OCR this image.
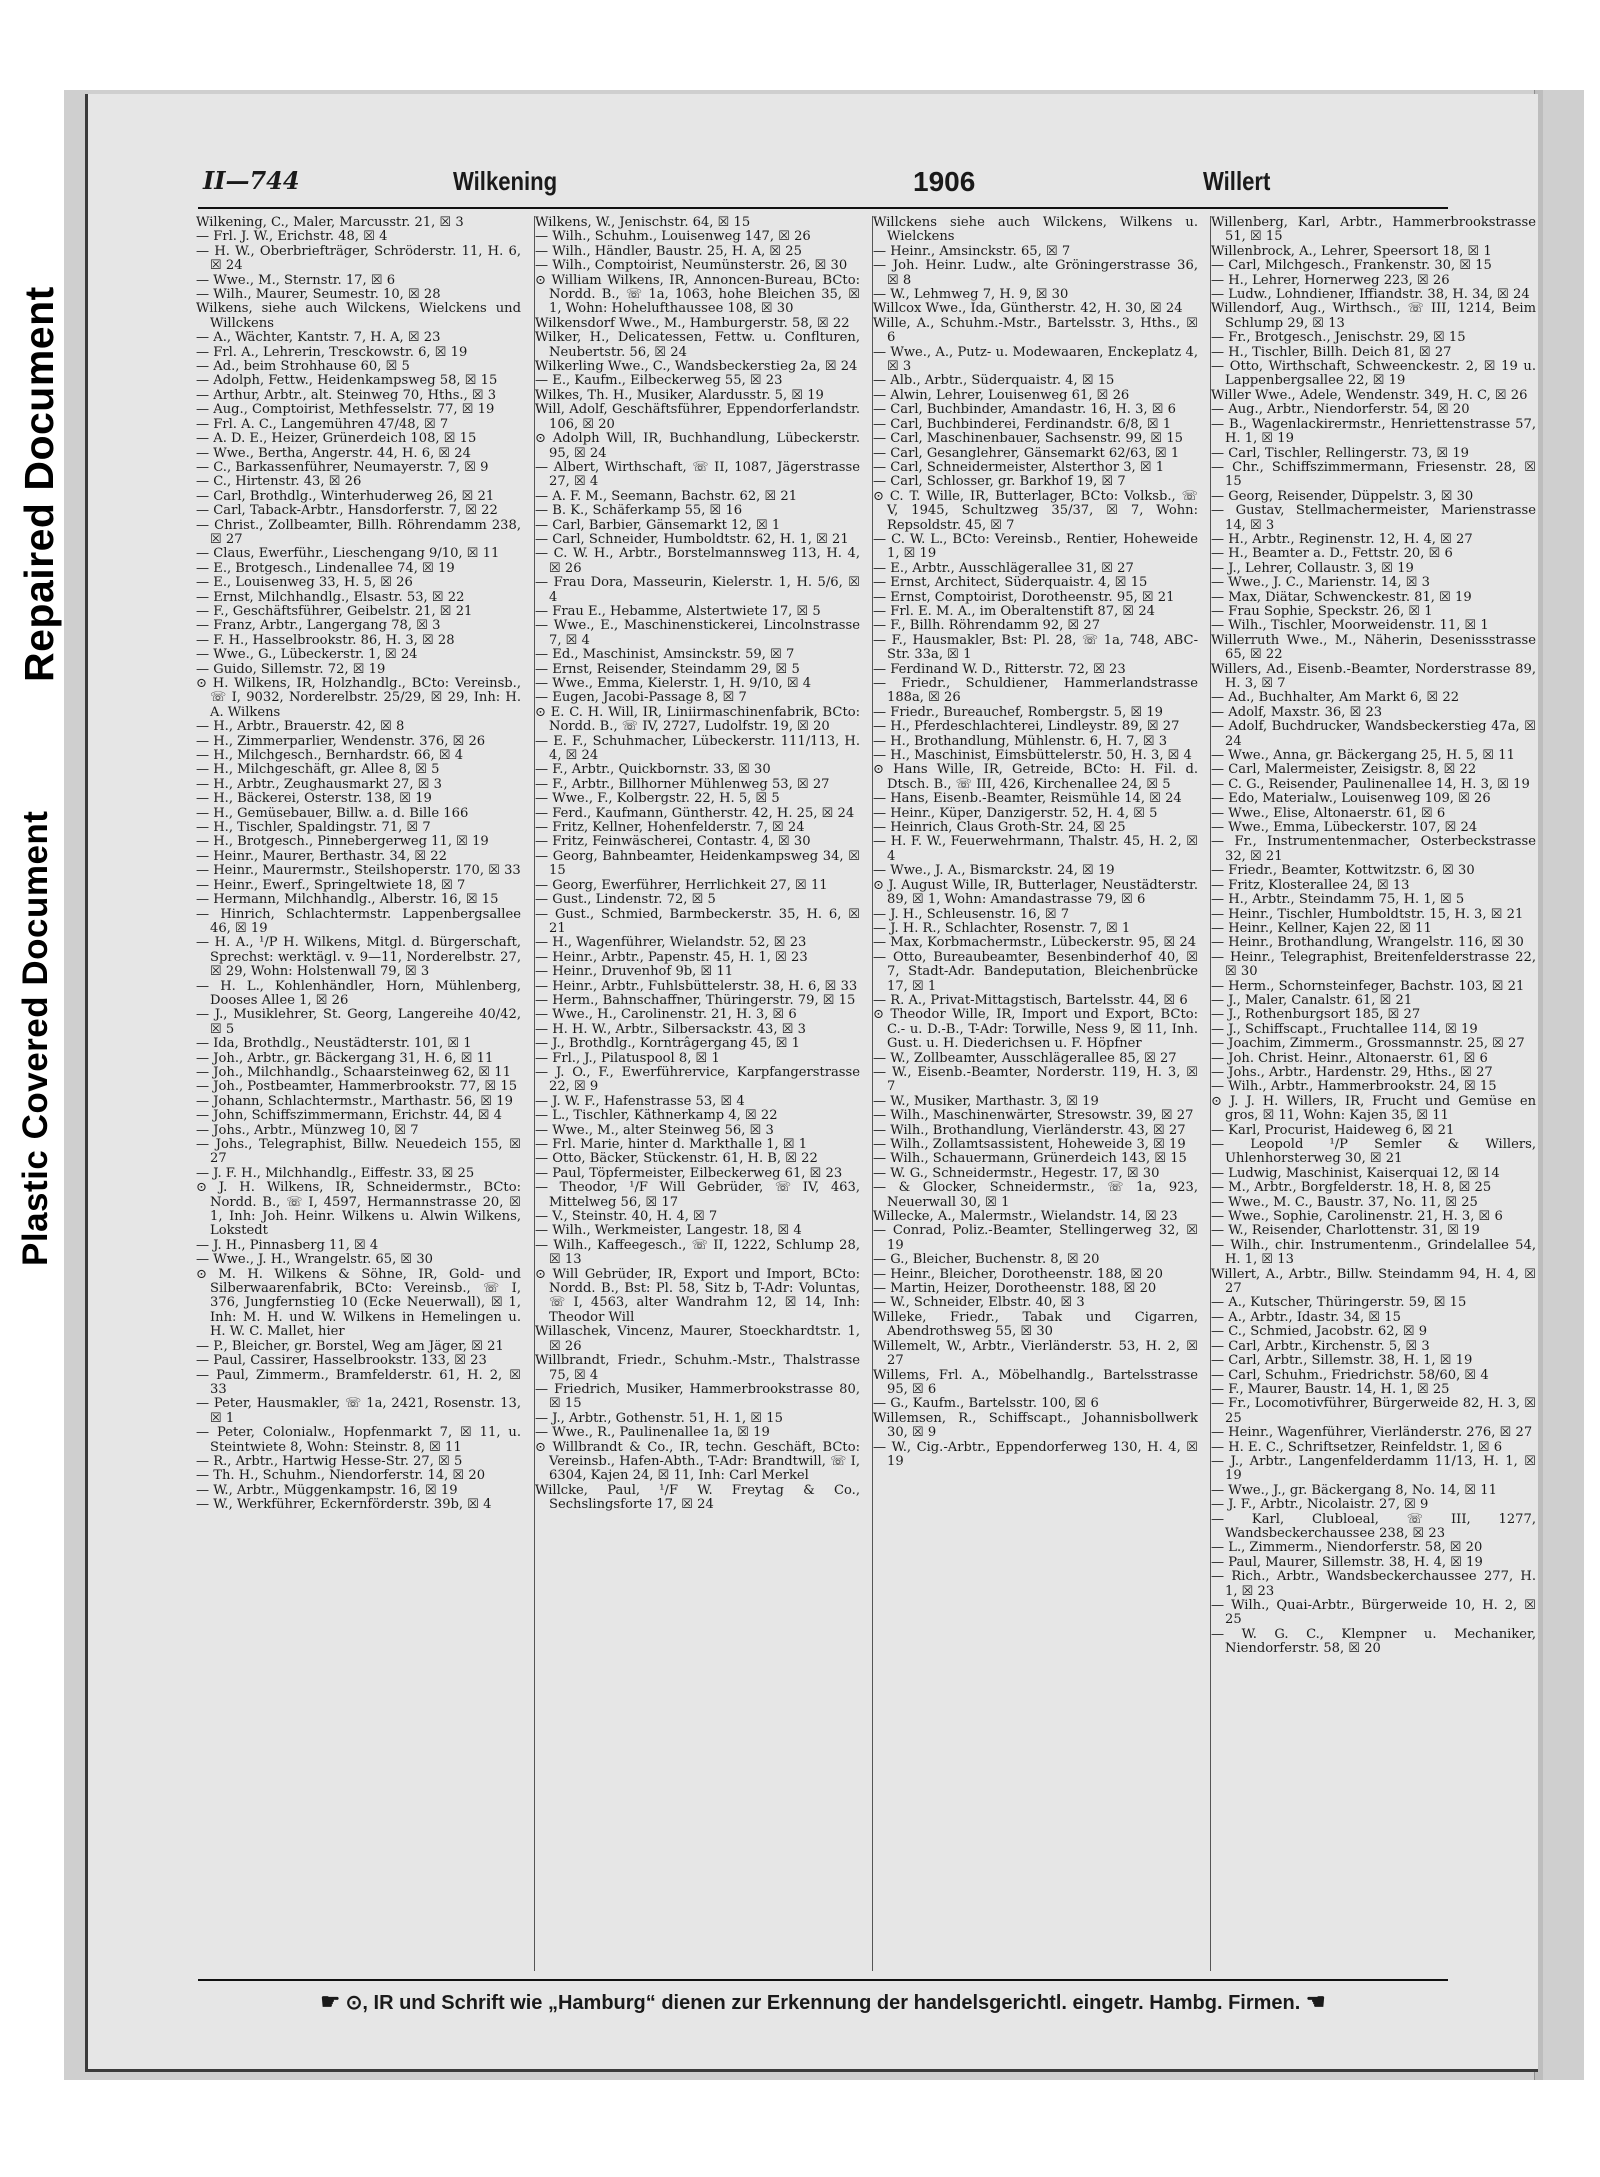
Plastic Covered Document
Repaired Document
II—744	Wilkening	1906	Willert

Wilkening, C., Maler, Marcusstr. 21, ☒ 3

— Frl. J. W., Erichstr. 48, ☒ 4

— H. W., Oberbriefträger, Schröderstr. 11, H. 6, ☒ 24

— Wwe., M., Sternstr. 17, ☒ 6

— Wilh., Maurer, Seumestr. 10, ☒ 28

Wilkens, siehe auch Wilckens, Wielckens und Willckens

— A., Wächter, Kantstr. 7, H. A, ☒ 23

— Frl. A., Lehrerin, Tresckowstr. 6, ☒ 19

— Ad., beim Strohhause 60, ☒ 5

— Adolph, Fettw., Heidenkampsweg 58, ☒ 15

— Arthur, Arbtr., alt. Steinweg 70, Hths., ☒ 3

— Aug., Comptoirist, Methfesselstr. 77, ☒ 19

— Frl. A. C., Langemühren 47/48, ☒ 7

— A. D. E., Heizer, Grünerdeich 108, ☒ 15

— Wwe., Bertha, Angerstr. 44, H. 6, ☒ 24

— C., Barkassenführer, Neumayerstr. 7, ☒ 9

— C., Hirtenstr. 43, ☒ 26

— Carl, Brothdlg., Winterhuderweg 26, ☒ 21

— Carl, Taback-Arbtr., Hansdorferstr. 7, ☒ 22

— Christ., Zollbeamter, Billh. Röhrendamm 238, ☒ 27

— Claus, Ewerführ., Lieschengang 9/10, ☒ 11

— E., Brotgesch., Lindenallee 74, ☒ 19

— E., Louisenweg 33, H. 5, ☒ 26

— Ernst, Milchhandlg., Elsastr. 53, ☒ 22

— F., Geschäftsführer, Geibelstr. 21, ☒ 21

— Franz, Arbtr., Langergang 78, ☒ 3

— F. H., Hasselbrookstr. 86, H. 3, ☒ 28

— Wwe., G., Lübeckerstr. 1, ☒ 24

— Guido, Sillemstr. 72, ☒ 19

⊙ H. Wilkens, IR, Holzhandlg., BCto: Vereinsb., ☏ I, 9032, Norderelbstr. 25/29, ☒ 29, Inh: H. A. Wilkens

— H., Arbtr., Brauerstr. 42, ☒ 8

— H., Zimmerparlier, Wendenstr. 376, ☒ 26

— H., Milchgesch., Bernhardstr. 66, ☒ 4

— H., Milchgeschäft, gr. Allee 8, ☒ 5

— H., Arbtr., Zeughausmarkt 27, ☒ 3

— H., Bäckerei, Osterstr. 138, ☒ 19

— H., Gemüsebauer, Billw. a. d. Bille 166

— H., Tischler, Spaldingstr. 71, ☒ 7

— H., Brotgesch., Pinnebergerweg 11, ☒ 19

— Heinr., Maurer, Berthastr. 34, ☒ 22

— Heinr., Maurermstr., Steilshoperstr. 170, ☒ 33

— Heinr., Ewerf., Springeltwiete 18, ☒ 7

— Hermann, Milchhandlg., Alberstr. 16, ☒ 15

— Hinrich, Schlachtermstr. Lappenbergsallee 46, ☒ 19

— H. A., ¹/P H. Wilkens, Mitgl. d. Bürgerschaft, Sprechst: werktägl. v. 9—11, Norderelbstr. 27, ☒ 29, Wohn: Holstenwall 79, ☒ 3

— H. L., Kohlenhändler, Horn, Mühlenberg, Dooses Allee 1, ☒ 26

— J., Musiklehrer, St. Georg, Langereihe 40/42, ☒ 5

— Ida, Brothdlg., Neustädterstr. 101, ☒ 1

— Joh., Arbtr., gr. Bäckergang 31, H. 6, ☒ 11

— Joh., Milchhandlg., Schaarsteinweg 62, ☒ 11

— Joh., Postbeamter, Hammerbrookstr. 77, ☒ 15

— Johann, Schlachtermstr., Marthastr. 56, ☒ 19

— John, Schiffszimmermann, Erichstr. 44, ☒ 4

— Johs., Arbtr., Münzweg 10, ☒ 7

— Johs., Telegraphist, Billw. Neuedeich 155, ☒ 27

— J. F. H., Milchhandlg., Eiffestr. 33, ☒ 25

⊙ J. H. Wilkens, IR, Schneidermstr., BCto: Nordd. B., ☏ I, 4597, Hermannstrasse 20, ☒ 1, Inh: Joh. Heinr. Wilkens u. Alwin Wilkens, Lokstedt

— J. H., Pinnasberg 11, ☒ 4

— Wwe., J. H., Wrangelstr. 65, ☒ 30

⊙ M. H. Wilkens & Söhne, IR, Gold- und Silberwaarenfabrik, BCto: Vereinsb., ☏ I, 376, Jungfernstieg 10 (Ecke Neuerwall), ☒ 1, Inh: M. H. und W. Wilkens in Hemelingen u. H. W. C. Mallet, hier

— P., Bleicher, gr. Borstel, Weg am Jäger, ☒ 21

— Paul, Cassirer, Hasselbrookstr. 133, ☒ 23

— Paul, Zimmerm., Bramfelderstr. 61, H. 2, ☒ 33

— Peter, Hausmakler, ☏ 1a, 2421, Rosenstr. 13, ☒ 1

— Peter, Colonialw., Hopfenmarkt 7, ☒ 11, u. Steintwiete 8, Wohn: Steinstr. 8, ☒ 11

— R., Arbtr., Hartwig Hesse-Str. 27, ☒ 5

— Th. H., Schuhm., Niendorferstr. 14, ☒ 20

— W., Arbtr., Müggenkampstr. 16, ☒ 19

— W., Werkführer, Eckernförderstr. 39b, ☒ 4

Wilkens, W., Jenischstr. 64, ☒ 15

— Wilh., Schuhm., Louisenweg 147, ☒ 26

— Wilh., Händler, Baustr. 25, H. A, ☒ 25

— Wilh., Comptoirist, Neumünsterstr. 26, ☒ 30

⊙ William Wilkens, IR, Annoncen-Bureau, BCto: Nordd. B., ☏ 1a, 1063, hohe Bleichen 35, ☒ 1, Wohn: Hohelufthaussee 108, ☒ 30

Wilkensdorf Wwe., M., Hamburgerstr. 58, ☒ 22

Wilker, H., Delicatessen, Fettw. u. Conflturen, Neubertstr. 56, ☒ 24

Wilkerling Wwe., C., Wandsbeckerstieg 2a, ☒ 24

— E., Kaufm., Eilbeckerweg 55, ☒ 23

Wilkes, Th. H., Musiker, Alardusstr. 5, ☒ 19

Will, Adolf, Geschäftsführer, Eppendorferlandstr. 106, ☒ 20

⊙ Adolph Will, IR, Buchhandlung, Lübeckerstr. 95, ☒ 24

— Albert, Wirthschaft, ☏ II, 1087, Jägerstrasse 27, ☒ 4

— A. F. M., Seemann, Bachstr. 62, ☒ 21

— B. K., Schäferkamp 55, ☒ 16

— Carl, Barbier, Gänsemarkt 12, ☒ 1

— Carl, Schneider, Humboldtstr. 62, H. 1, ☒ 21

— C. W. H., Arbtr., Borstelmannsweg 113, H. 4, ☒ 26

— Frau Dora, Masseurin, Kielerstr. 1, H. 5/6, ☒ 4

— Frau E., Hebamme, Alstertwiete 17, ☒ 5

— Wwe., E., Maschinenstickerei, Lincolnstrasse 7, ☒ 4

— Ed., Maschinist, Amsinckstr. 59, ☒ 7

— Ernst, Reisender, Steindamm 29, ☒ 5

— Wwe., Emma, Kielerstr. 1, H. 9/10, ☒ 4

— Eugen, Jacobi-Passage 8, ☒ 7

⊙ E. C. H. Will, IR, Liniirmaschinenfabrik, BCto: Nordd. B., ☏ IV, 2727, Ludolfstr. 19, ☒ 20

— E. F., Schuhmacher, Lübeckerstr. 111/113, H. 4, ☒ 24

— F., Arbtr., Quickbornstr. 33, ☒ 30

— F., Arbtr., Billhorner Mühlenweg 53, ☒ 27

— Wwe., F., Kolbergstr. 22, H. 5, ☒ 5

— Ferd., Kaufmann, Güntherstr. 42, H. 25, ☒ 24

— Fritz, Kellner, Hohenfelderstr. 7, ☒ 24

— Fritz, Feinwäscherei, Contastr. 4, ☒ 30

— Georg, Bahnbeamter, Heidenkampsweg 34, ☒ 15

— Georg, Ewerführer, Herrlichkeit 27, ☒ 11

— Gust., Lindenstr. 72, ☒ 5

— Gust., Schmied, Barmbeckerstr. 35, H. 6, ☒ 21

— H., Wagenführer, Wielandstr. 52, ☒ 23

— Heinr., Arbtr., Papenstr. 45, H. 1, ☒ 23

— Heinr., Druvenhof 9b, ☒ 11

— Heinr., Arbtr., Fuhlsbüttelerstr. 38, H. 6, ☒ 33

— Herm., Bahnschaffner, Thüringerstr. 79, ☒ 15

— Wwe., H., Carolinenstr. 21, H. 3, ☒ 6

— H. H. W., Arbtr., Silbersackstr. 43, ☒ 3

— J., Brothdlg., Korntrâgergang 45, ☒ 1

— Frl., J., Pilatuspool 8, ☒ 1

— J. O., F., Ewerführervice, Karpfangerstrasse 22, ☒ 9

— J. W. F., Hafenstrasse 53, ☒ 4

— L., Tischler, Käthnerkamp 4, ☒ 22

— Wwe., M., alter Steinweg 56, ☒ 3

— Frl. Marie, hinter d. Markthalle 1, ☒ 1

— Otto, Bäcker, Stückenstr. 61, H. B, ☒ 22

— Paul, Töpfermeister, Eilbeckerweg 61, ☒ 23

— Theodor, ¹/F Will Gebrüder, ☏ IV, 463, Mittelweg 56, ☒ 17

— V., Steinstr. 40, H. 4, ☒ 7

— Wilh., Werkmeister, Langestr. 18, ☒ 4

— Wilh., Kaffeegesch., ☏ II, 1222, Schlump 28, ☒ 13

⊙ Will Gebrüder, IR, Export und Import, BCto: Nordd. B., Bst: Pl. 58, Sitz b, T-Adr: Voluntas, ☏ I, 4563, alter Wandrahm 12, ☒ 14, Inh: Theodor Will

Willaschek, Vincenz, Maurer, Stoeckhardtstr. 1, ☒ 26

Willbrandt, Friedr., Schuhm.-Mstr., Thalstrasse 75, ☒ 4

— Friedrich, Musiker, Hammerbrookstrasse 80, ☒ 15

— J., Arbtr., Gothenstr. 51, H. 1, ☒ 15

— Wwe., R., Paulinenallee 1a, ☒ 19

⊙ Willbrandt & Co., IR, techn. Geschäft, BCto: Vereinsb., Hafen-Abth., T-Adr: Brandtwill, ☏ I, 6304, Kajen 24, ☒ 11, Inh: Carl Merkel

Willcke, Paul, ¹/F W. Freytag & Co., Sechslingsforte 17, ☒ 24

Willckens siehe auch Wilckens, Wilkens u. Wielckens

— Heinr., Amsinckstr. 65, ☒ 7

— Joh. Heinr. Ludw., alte Gröningerstrasse 36, ☒ 8

— W., Lehmweg 7, H. 9, ☒ 30

Willcox Wwe., Ida, Güntherstr. 42, H. 30, ☒ 24

Wille, A., Schuhm.-Mstr., Bartelsstr. 3, Hths., ☒ 6

— Wwe., A., Putz- u. Modewaaren, Enckeplatz 4, ☒ 3

— Alb., Arbtr., Süderquaistr. 4, ☒ 15

— Alwin, Lehrer, Louisenweg 61, ☒ 26

— Carl, Buchbinder, Amandastr. 16, H. 3, ☒ 6

— Carl, Buchbinderei, Ferdinandstr. 6/8, ☒ 1

— Carl, Maschinenbauer, Sachsenstr. 99, ☒ 15

— Carl, Gesanglehrer, Gänsemarkt 62/63, ☒ 1

— Carl, Schneidermeister, Alsterthor 3, ☒ 1

— Carl, Schlosser, gr. Barkhof 19, ☒ 7

⊙ C. T. Wille, IR, Butterlager, BCto: Volksb., ☏ V, 1945, Schultzweg 35/37, ☒ 7, Wohn: Repsoldstr. 45, ☒ 7

— C. W. L., BCto: Vereinsb., Rentier, Hoheweide 1, ☒ 19

— E., Arbtr., Ausschlägerallee 31, ☒ 27

— Ernst, Architect, Süderquaistr. 4, ☒ 15

— Ernst, Comptoirist, Dorotheenstr. 95, ☒ 21

— Frl. E. M. A., im Oberaltenstift 87, ☒ 24

— F., Billh. Röhrendamm 92, ☒ 27

— F., Hausmakler, Bst: Pl. 28, ☏ 1a, 748, ABC-Str. 33a, ☒ 1

— Ferdinand W. D., Ritterstr. 72, ☒ 23

— Friedr., Schuldiener, Hammerlandstrasse 188a, ☒ 26

— Friedr., Bureauchef, Rombergstr. 5, ☒ 19

— H., Pferdeschlachterei, Lindleystr. 89, ☒ 27

— H., Brothandlung, Mühlenstr. 6, H. 7, ☒ 3

— H., Maschinist, Eimsbüttelerstr. 50, H. 3, ☒ 4

⊙ Hans Wille, IR, Getreide, BCto: H. Fil. d. Dtsch. B., ☏ III, 426, Kirchenallee 24, ☒ 5

— Hans, Eisenb.-Beamter, Reismühle 14, ☒ 24

— Heinr., Küper, Danzigerstr. 52, H. 4, ☒ 5

— Heinrich, Claus Groth-Str. 24, ☒ 25

— H. F. W., Feuerwehrmann, Thalstr. 45, H. 2, ☒ 4

— Wwe., J. A., Bismarckstr. 24, ☒ 19

⊙ J. August Wille, IR, Butterlager, Neustädterstr. 89, ☒ 1, Wohn: Amandastrasse 79, ☒ 6

— J. H., Schleusenstr. 16, ☒ 7

— J. H. R., Schlachter, Rosenstr. 7, ☒ 1

— Max, Korbmachermstr., Lübeckerstr. 95, ☒ 24

— Otto, Bureaubeamter, Besenbinderhof 40, ☒ 7, Stadt-Adr. Bandeputation, Bleichenbrücke 17, ☒ 1

— R. A., Privat-Mittagstisch, Bartelsstr. 44, ☒ 6

⊙ Theodor Wille, IR, Import und Export, BCto: C.- u. D.-B., T-Adr: Torwille, Ness 9, ☒ 11, Inh. Gust. u. H. Diederichsen u. F. Höpfner

— W., Zollbeamter, Ausschlägerallee 85, ☒ 27

— W., Eisenb.-Beamter, Norderstr. 119, H. 3, ☒ 7

— W., Musiker, Marthastr. 3, ☒ 19

— Wilh., Maschinenwärter, Stresowstr. 39, ☒ 27

— Wilh., Brothandlung, Vierländerstr. 43, ☒ 27

— Wilh., Zollamtsassistent, Hoheweide 3, ☒ 19

— Wilh., Schauermann, Grünerdeich 143, ☒ 15

— W. G., Schneidermstr., Hegestr. 17, ☒ 30

— & Glocker, Schneidermstr., ☏ 1a, 923, Neuerwall 30, ☒ 1

Willecke, A., Malermstr., Wielandstr. 14, ☒ 23

— Conrad, Poliz.-Beamter, Stellingerweg 32, ☒ 19

— G., Bleicher, Buchenstr. 8, ☒ 20

— Heinr., Bleicher, Dorotheenstr. 188, ☒ 20

— Martin, Heizer, Dorotheenstr. 188, ☒ 20

— W., Schneider, Elbstr. 40, ☒ 3

Willeke, Friedr., Tabak und Cigarren, Abendrothsweg 55, ☒ 30

Willemelt, W., Arbtr., Vierländerstr. 53, H. 2, ☒ 27

Willems, Frl. A., Möbelhandlg., Bartelsstrasse 95, ☒ 6

— G., Kaufm., Bartelsstr. 100, ☒ 6

Willemsen, R., Schiffscapt., Johannisbollwerk 30, ☒ 9

— W., Cig.-Arbtr., Eppendorferweg 130, H. 4, ☒ 19

Willenberg, Karl, Arbtr., Hammerbrookstrasse 51, ☒ 15

Willenbrock, A., Lehrer, Speersort 18, ☒ 1

— Carl, Milchgesch., Frankenstr. 30, ☒ 15

— H., Lehrer, Hornerweg 223, ☒ 26

— Ludw., Lohndiener, Iffiandstr. 38, H. 34, ☒ 24

Willendorf, Aug., Wirthsch., ☏ III, 1214, Beim Schlump 29, ☒ 13

— Fr., Brotgesch., Jenischstr. 29, ☒ 15

— H., Tischler, Billh. Deich 81, ☒ 27

— Otto, Wirthschaft, Schweenckestr. 2, ☒ 19 u. Lappenbergsallee 22, ☒ 19

Willer Wwe., Adele, Wendenstr. 349, H. C, ☒ 26

— Aug., Arbtr., Niendorferstr. 54, ☒ 20

— B., Wagenlackirermstr., Henriettenstrasse 57, H. 1, ☒ 19

— Carl, Tischler, Rellingerstr. 73, ☒ 19

— Chr., Schiffszimmermann, Friesenstr. 28, ☒ 15

— Georg, Reisender, Düppelstr. 3, ☒ 30

— Gustav, Stellmachermeister, Marienstrasse 14, ☒ 3

— H., Arbtr., Reginenstr. 12, H. 4, ☒ 27

— H., Beamter a. D., Fettstr. 20, ☒ 6

— J., Lehrer, Collaustr. 3, ☒ 19

— Wwe., J. C., Marienstr. 14, ☒ 3

— Max, Diätar, Schwenckestr. 81, ☒ 19

— Frau Sophie, Speckstr. 26, ☒ 1

— Wilh., Tischler, Moorweidenstr. 11, ☒ 1

Willerruth Wwe., M., Näherin, Desenissstrasse 65, ☒ 22

Willers, Ad., Eisenb.-Beamter, Norderstrasse 89, H. 3, ☒ 7

— Ad., Buchhalter, Am Markt 6, ☒ 22

— Adolf, Maxstr. 36, ☒ 23

— Adolf, Buchdrucker, Wandsbeckerstieg 47a, ☒ 24

— Wwe., Anna, gr. Bäckergang 25, H. 5, ☒ 11

— Carl, Malermeister, Zeisigstr. 8, ☒ 22

— C. G., Reisender, Paulinenallee 14, H. 3, ☒ 19

— Edo, Materialw., Louisenweg 109, ☒ 26

— Wwe., Elise, Altonaerstr. 61, ☒ 6

— Wwe., Emma, Lübeckerstr. 107, ☒ 24

— Fr., Instrumentenmacher, Osterbeckstrasse 32, ☒ 21

— Friedr., Beamter, Kottwitzstr. 6, ☒ 30

— Fritz, Klosterallee 24, ☒ 13

— H., Arbtr., Steindamm 75, H. 1, ☒ 5

— Heinr., Tischler, Humboldtstr. 15, H. 3, ☒ 21

— Heinr., Kellner, Kajen 22, ☒ 11

— Heinr., Brothandlung, Wrangelstr. 116, ☒ 30

— Heinr., Telegraphist, Breitenfelderstrasse 22, ☒ 30

— Herm., Schornsteinfeger, Bachstr. 103, ☒ 21

— J., Maler, Canalstr. 61, ☒ 21

— J., Rothenburgsort 185, ☒ 27

— J., Schiffscapt., Fruchtallee 114, ☒ 19

— Joachim, Zimmerm., Grossmannstr. 25, ☒ 27

— Joh. Christ. Heinr., Altonaerstr. 61, ☒ 6

— Johs., Arbtr., Hardenstr. 29, Hths., ☒ 27

— Wilh., Arbtr., Hammerbrookstr. 24, ☒ 15

⊙ J. J. H. Willers, IR, Frucht und Gemüse en gros, ☒ 11, Wohn: Kajen 35, ☒ 11

— Karl, Procurist, Haideweg 6, ☒ 21

— Leopold ¹/P Semler & Willers, Uhlenhorsterweg 30, ☒ 21

— Ludwig, Maschinist, Kaiserquai 12, ☒ 14

— M., Arbtr., Borgfelderstr. 18, H. 8, ☒ 25

— Wwe., M. C., Baustr. 37, No. 11, ☒ 25

— Wwe., Sophie, Carolinenstr. 21, H. 3, ☒ 6

— W., Reisender, Charlottenstr. 31, ☒ 19

— Wilh., chir. Instrumentenm., Grindelallee 54, H. 1, ☒ 13

Willert, A., Arbtr., Billw. Steindamm 94, H. 4, ☒ 27

— A., Kutscher, Thüringerstr. 59, ☒ 15

— A., Arbtr., Idastr. 34, ☒ 15

— C., Schmied, Jacobstr. 62, ☒ 9

— Carl, Arbtr., Kirchenstr. 5, ☒ 3

— Carl, Arbtr., Sillemstr. 38, H. 1, ☒ 19

— Carl, Schuhm., Friedrichstr. 58/60, ☒ 4

— F., Maurer, Baustr. 14, H. 1, ☒ 25

— Fr., Locomotivführer, Bürgerweide 82, H. 3, ☒ 25

— Heinr., Wagenführer, Vierländerstr. 276, ☒ 27

— H. E. C., Schriftsetzer, Reinfeldstr. 1, ☒ 6

— J., Arbtr., Langenfelderdamm 11/13, H. 1, ☒ 19

— Wwe., J., gr. Bäckergang 8, No. 14, ☒ 11

— J. F., Arbtr., Nicolaistr. 27, ☒ 9

— Karl, Clubloeal, ☏ III, 1277, Wandsbeckerchaussee 238, ☒ 23

— L., Zimmerm., Niendorferstr. 58, ☒ 20

— Paul, Maurer, Sillemstr. 38, H. 4, ☒ 19

— Rich., Arbtr., Wandsbeckerchaussee 277, H. 1, ☒ 23

— Wilh., Quai-Arbtr., Bürgerweide 10, H. 2, ☒ 25

— W. G. C., Klempner u. Mechaniker, Niendorferstr. 58, ☒ 20

☛ ⊙, IR und Schrift wie „Hamburg“ dienen zur Erkennung der handelsgerichtl. eingetr. Hambg. Firmen. ☚
